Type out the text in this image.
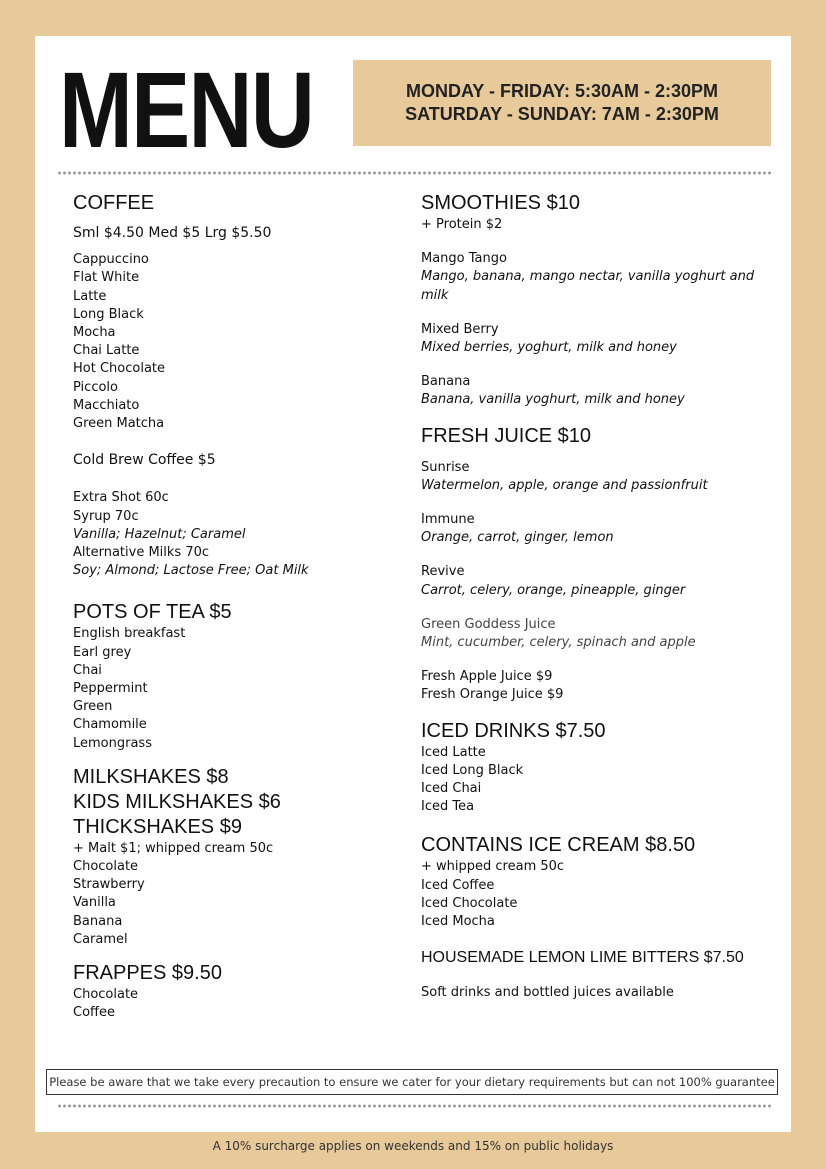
MENU	MONDAY - FRIDAY: 5:30AM - 2:30PM
SATURDAY - SUNDAY: 7AM - 2:30PM
COFFEE

Sml $4.50 Med $5 Lrg $5.50

Cappuccino
Flat White
Latte
Long Black
Mocha
Chai Latte
Hot Chocolate
Piccolo
Macchiato
Green Matcha

Cold Brew Coffee $5

Extra Shot 60c
Syrup 70c
Vanilla; Hazelnut; Caramel
Alternative Milks 70c
Soy; Almond; Lactose Free; Oat Milk
POTS OF TEA $5
English breakfast
Earl grey
Chai
Peppermint
Green
Chamomile
Lemongrass
MILKSHAKES $8
KIDS MILKSHAKES $6
THICKSHAKES $9
+ Malt $1; whipped cream 50c
Chocolate
Strawberry
Vanilla
Banana
Caramel
FRAPPES $9.50
Chocolate
Coffee
SMOOTHIES $10
+ Protein $2
Mango Tango
Mango, banana, mango nectar, vanilla yoghurt and milk
Mixed Berry
Mixed berries, yoghurt, milk and honey
Banana
Banana, vanilla yoghurt, milk and honey
FRESH JUICE $10
Sunrise
Watermelon, apple, orange and passionfruit
Immune
Orange, carrot, ginger, lemon
Revive
Carrot, celery, orange, pineapple, ginger
Green Goddess Juice
Mint, cucumber, celery, spinach and apple
Fresh Apple Juice $9
Fresh Orange Juice $9
ICED DRINKS $7.50
Iced Latte
Iced Long Black
Iced Chai
Iced Tea
CONTAINS ICE CREAM $8.50
+ whipped cream 50c
Iced Coffee
Iced Chocolate
Iced Mocha
HOUSEMADE LEMON LIME BITTERS $7.50
Soft drinks and bottled juices available
Please be aware that we take every precaution to ensure we cater for your dietary requirements but can not 100% guarantee
A 10% surcharge applies on weekends and 15% on public holidays
